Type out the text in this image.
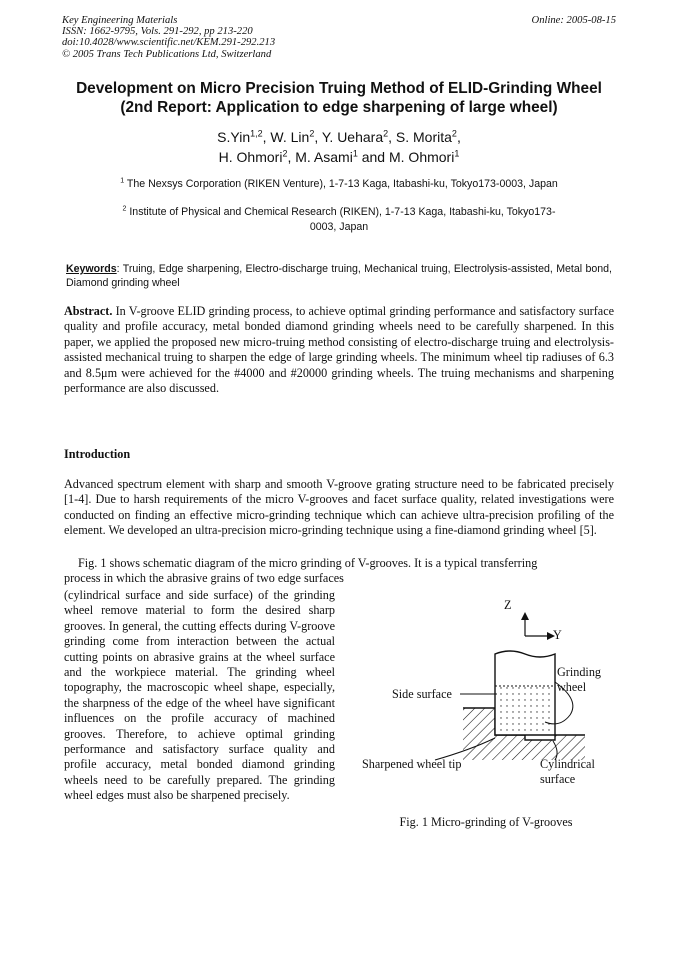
Key Engineering Materials
ISSN: 1662-9795, Vols. 291-292, pp 213-220
doi:10.4028/www.scientific.net/KEM.291-292.213
© 2005 Trans Tech Publications Ltd, Switzerland
Online: 2005-08-15
Development on Micro Precision Truing Method of ELID-Grinding Wheel
(2nd Report: Application to edge sharpening of large wheel)
S.Yin$^{1,2}$, W. Lin$^2$, Y. Uehara$^2$, S. Morita$^2$,
H. Ohmori$^2$, M. Asami$^1$ and M. Ohmori$^1$
$^1$ The Nexsys Corporation (RIKEN Venture), 1-7-13 Kaga, Itabashi-ku, Tokyo173-0003, Japan
$^2$ Institute of Physical and Chemical Research (RIKEN), 1-7-13 Kaga, Itabashi-ku, Tokyo173-0003, Japan
Keywords: Truing, Edge sharpening, Electro-discharge truing, Mechanical truing, Electrolysis-assisted, Metal bond, Diamond grinding wheel
Abstract. In V-groove ELID grinding process, to achieve optimal grinding performance and satisfactory surface quality and profile accuracy, metal bonded diamond grinding wheels need to be carefully sharpened. In this paper, we applied the proposed new micro-truing method consisting of electro-discharge truing and electrolysis-assisted mechanical truing to sharpen the edge of large grinding wheels. The minimum wheel tip radiuses of 6.3 and 8.5μm were achieved for the #4000 and #20000 grinding wheels. The truing mechanisms and sharpening performance are also discussed.
Introduction
Advanced spectrum element with sharp and smooth V-groove grating structure need to be fabricated precisely [1-4]. Due to harsh requirements of the micro V-grooves and facet surface quality, related investigations were conducted on finding an effective micro-grinding technique which can achieve ultra-precision profiling of the element. We developed an ultra-precision micro-grinding technique using a fine-diamond grinding wheel [5].
Fig. 1 shows schematic diagram of the micro grinding of V-grooves. It is a typical transferring
process in which the abrasive grains of two edge surfaces
(cylindrical surface and side surface) of the grinding wheel remove material to form the desired sharp grooves. In general, the cutting effects during V-groove grinding come from interaction between the actual cutting points on abrasive grains at the wheel surface and the workpiece material. The grinding wheel topography, the macroscopic wheel shape, especially, the sharpness of the edge of the wheel have significant influences on the profile accuracy of machined grooves. Therefore, to achieve optimal grinding performance and satisfactory surface quality and profile accuracy, metal bonded diamond grinding wheels need to be carefully prepared. The grinding wheel edges must also be sharpened precisely.
Z
Y
Grinding
wheel
Side surface
Sharpened wheel tip	Cylindrical
surface
Fig. 1 Micro-grinding of V-grooves
